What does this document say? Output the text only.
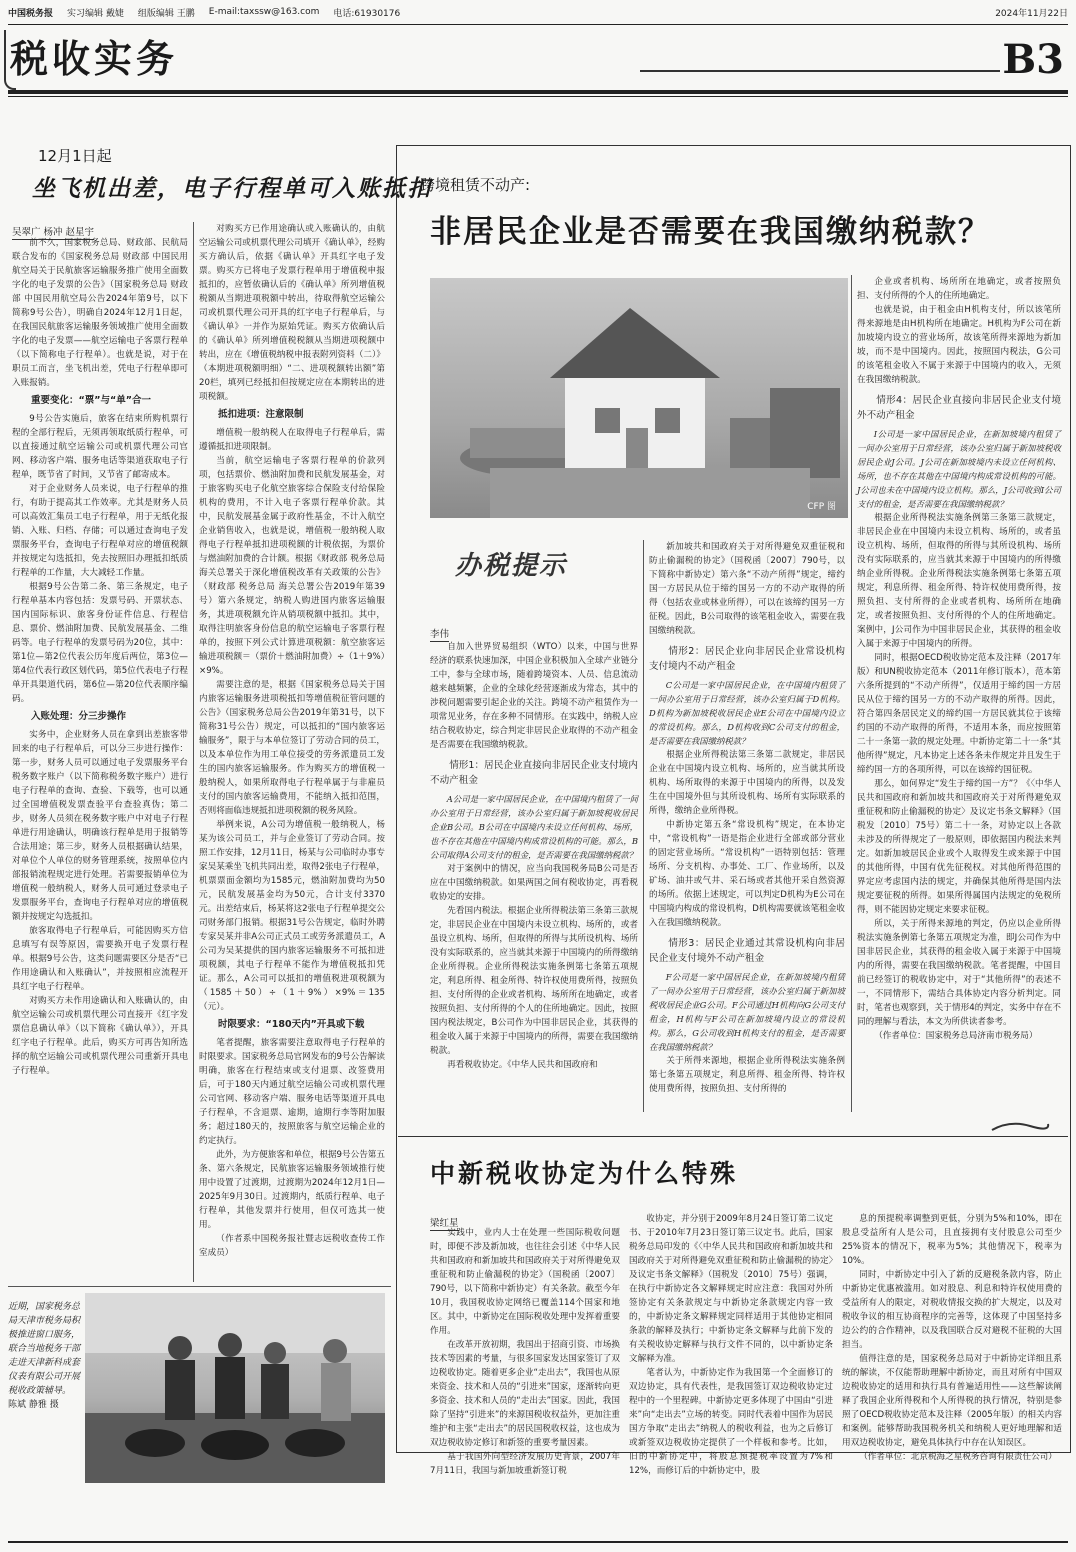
中国税务报 实习编辑 戴婕 组版编辑 王鹏 E-mail:taxssw@163.com 电话:61930176	2024年11月22日
税收实务	B3
12月1日起
坐飞机出差，电子行程单可入账抵扣
吴翠广 杨冲 赵星宇

前不久，国家税务总局、财政部、民航局联合发布的《国家税务总局 财政部 中国民用航空局关于民航旅客运输服务推广使用全面数字化的电子发票的公告》（国家税务总局 财政部 中国民用航空局公告2024年第9号，以下简称9号公告），明确自2024年12月1日起，在我国民航旅客运输服务领域推广使用全面数字化的电子发票——航空运输电子客票行程单（以下简称电子行程单）。也就是说，对于在职员工而言，坐飞机出差，凭电子行程单即可入账报销。

重要变化：“票”与“单”合一

9号公告实施后，旅客在结束所购机票行程的全部行程后，无须再领取纸质行程单，可以直接通过航空运输公司或机票代理公司官网、移动客户端、服务电话等渠道获取电子行程单，既节省了时间，又节省了邮寄成本。

对于企业财务人员来说，电子行程单的推行，有助于提高其工作效率。尤其是财务人员可以高效汇集员工电子行程单，用于无纸化报销、入账、归档、存储；可以通过查询电子发票服务平台，查询电子行程单对应的增值税额并按规定勾选抵扣，免去按照旧办理抵扣纸质行程单的工作量，大大减轻工作量。

根据9号公告第二条、第三条规定，电子行程单基本内容包括：发票号码、开票状态、国内国际标识、旅客身份证件信息、行程信息、票价、燃油附加费、民航发展基金、二维码等。电子行程单的发票号码为20位，其中：第1位—第2位代表公历年度后两位，第3位—第4位代表行政区划代码，第5位代表电子行程单开具渠道代码，第6位—第20位代表顺序编码。

入账处理：分三步操作

实务中，企业财务人员在拿到出差旅客带回来的电子行程单后，可以分三步进行操作：第一步，财务人员可以通过电子发票服务平台税务数字账户（以下简称税务数字账户）进行电子行程单的查询、查验、下载等，也可以通过全国增值税发票查验平台查验真伪；第二步，财务人员须在税务数字账户中对电子行程单进行用途确认，明确该行程单是用于报销等合法用途；第三步，财务人员根据确认结果，对单位个人单位的财务管理系统，按照单位内部报销流程规定进行处理。若需要报销单位为增值税一般纳税人，财务人员可通过登录电子发票服务平台，查询电子行程单对应的增值税额并按规定勾选抵扣。

旅客取得电子行程单后，可能因购买方信息填写有误等原因，需要换开电子发票行程单。根据9号公告，这类问题需要区分是否“已作用途确认和入账确认”，并按照相应流程开具红字电子行程单。

对购买方未作用途确认和入账确认的，由航空运输公司或机票代理公司直接开《红字发票信息确认单》（以下简称《确认单》），开具红字电子行程单。此后，购买方可再告知所选择的航空运输公司或机票代理公司重新开具电子行程单。

对购买方已作用途确认或入账确认的，由航空运输公司或机票代理公司填开《确认单》，经购买方确认后，依据《确认单》开具红字电子发票。购买方已将电子发票行程单用于增值税申报抵扣的，应暂依确认后的《确认单》所列增值税税额从当期进项税额中转出，待取得航空运输公司或机票代理公司开具的红字电子行程单后，与《确认单》一并作为原始凭证。购买方依确认后的《确认单》所列增值税税额从当期进项税额中转出，应在《增值税纳税申报表附列资料（二）》（本期进项税额明细）“二、进项税额转出额”第20栏，填列已经抵扣但按规定应在本期转出的进项税额。

抵扣进项：注意限制

增值税一般纳税人在取得电子行程单后，需遵循抵扣进项限制。

当前，航空运输电子客票行程单的价款列项，包括票价、燃油附加费和民航发展基金，对于旅客购买电子化航空旅客综合保险支付给保险机构的费用，不计入电子客票行程单价款。其中，民航发展基金属于政府性基金，不计入航空企业销售收入，也就是说，增值税一般纳税人取得电子行程单抵扣进项税额的计税依据，为票价与燃油附加费的合计额。根据《财政部 税务总局 海关总署关于深化增值税改革有关政策的公告》（财政部 税务总局 海关总署公告2019年第39号）第六条规定，纳税人购进国内旅客运输服务，其进项税额允许从销项税额中抵扣。其中，取得注明旅客身份信息的航空运输电子客票行程单的，按照下列公式计算进项税额：航空旅客运输进项税额＝（票价＋燃油附加费）÷（1＋9%）×9%。

需要注意的是，根据《国家税务总局关于国内旅客运输服务进项税抵扣等增值税征管问题的公告》（国家税务总局公告2019年第31号，以下简称31号公告）规定，可以抵扣的“国内旅客运输服务”，限于与本单位签订了劳动合同的员工，以及本单位作为用工单位接受的劳务派遣员工发生的国内旅客运输服务。作为购买方的增值税一般纳税人，如果所取得电子行程单属于与非雇员支付的国内旅客运输费用，不能纳入抵扣范围，否则将面临违规抵扣进项税额的税务风险。

举例来说，A公司为增值税一般纳税人，杨某为该公司员工，并与企业签订了劳动合同。按照工作安排，12月11日，杨某与公司临时办事专家吴某乘坐飞机共同出差，取得2张电子行程单，机票票面金额均为1585元，燃油附加费均为50元，民航发展基金均为50元，合计支付3370元。出差结束后，杨某将这2张电子行程单提交公司财务部门报销。根据31号公告规定，临时外聘专家吴某并非A公司正式员工或劳务派遣员工，A公司为吴某提供的国内旅客运输服务不可抵扣进项税额，其电子行程单不能作为增值税抵扣凭证。那么，A公司可以抵扣的增值税进项税额为（1585＋50）÷（1＋9%）×9%＝135（元）。

时限要求：“180天内”开具或下载

笔者提醒，旅客需要注意取得电子行程单的时限要求。国家税务总局官网发布的9号公告解读明确，旅客在行程结束或支付退票、改签费用后，可于180天内通过航空运输公司或机票代理公司官网、移动客户端、服务电话等渠道开具电子行程单，不含退票、逾期，逾期行李等附加服务；超过180天的，按照旅客与航空运输企业的约定执行。

此外，为方便旅客和单位，根据9号公告第五条、第六条规定，民航旅客运输服务领域推行使用中设置了过渡期，过渡期为2024年12月1日—2025年9月30日。过渡期内，纸质行程单、电子行程单，其他发票并行使用，但仅可选其一使用。

（作者系中国税务报社暨志远税收查传工作室成员）

近期，国家税务总局天津市税务局积极推进窗口服务，联合当地税务干部走进天津新科成套仪表有限公司开展税收政策辅导。
陈斌 静雅 摄
跨境租赁不动产:
非居民企业是否需要在我国缴纳税款？
CFP 图
办税提示
李伟

自加入世界贸易组织（WTO）以来，中国与世界经济的联系快速加深，中国企业积极加入全球产业链分工中，参与全球市场，随着跨境资本、人员、信息流动越来越频繁，企业的全球化经营逐渐成为常态，其中的涉税问题需要引起企业的关注。跨境不动产租赁作为一项常见业务，存在多种不同情形。在实践中，纳税人应结合税收协定，综合判定非居民企业取得的不动产租金是否需要在我国缴纳税款。

情形1：居民企业直接向非居民企业支付境内不动产租金

A公司是一家中国居民企业，在中国境内租赁了一间办公室用于日常经营，该办公室归属于新加坡税收居民企业B公司。B公司在中国境内未设立任何机构、场所，也不存在其他在中国境内构成常设机构的可能。那么，B公司取得A公司支付的租金，是否需要在我国缴纳税款？

对于案例中的情况，应当向我国税务局B公司是否应在中国缴纳税款。如果两国之间有税收协定，再看税收协定的安排。

先看国内税法。根据企业所得税法第三条第三款规定，非居民企业在中国境内未设立机构、场所的，或者虽设立机构、场所，但取得的所得与其所设机构、场所没有实际联系的，应当就其来源于中国境内的所得缴纳企业所得税。企业所得税法实施条例第七条第五项规定，利息所得、租金所得、特许权使用费所得，按照负担、支付所得的企业或者机构、场所所在地确定，或者按照负担、支付所得的个人的住所地确定。因此，按照国内税法规定，B公司作为中国非居民企业，其获得的租金收入属于来源于中国境内的所得，需要在我国缴纳税款。

再看税收协定。《中华人民共和国政府和

新加坡共和国政府关于对所得避免双重征税和防止偷漏税的协定》（国税函〔2007〕790号，以下简称中新协定）第六条“不动产所得”规定，缔约国一方居民从位于缔约国另一方的不动产取得的所得（包括农业或林业所得），可以在该缔约国另一方征税。因此，B公司取得的该笔租金收入，需要在我国缴纳税款。

情形2：居民企业向非居民企业常设机构支付境内不动产租金

C公司是一家中国居民企业，在中国境内租赁了一间办公室用于日常经营，该办公室归属于D机构。D机构为新加坡税收居民企业E公司在中国境内设立的常设机构。那么，D机构收到C公司支付的租金，是否需要在我国缴纳税款？

根据企业所得税法第三条第二款规定，非居民企业在中国境内设立机构、场所的，应当就其所设机构、场所取得的来源于中国境内的所得，以及发生在中国境外但与其所设机构、场所有实际联系的所得，缴纳企业所得税。

中新协定第五条“常设机构”规定，在本协定中，“常设机构”一语是指企业进行全部或部分营业的固定营业场所。“常设机构”一语特别包括：管理场所、分支机构、办事处、工厂、作业场所，以及矿场、油井或气井、采石场或者其他开采自然资源的场所。依据上述规定，可以判定D机构为E公司在中国境内构成的常设机构，D机构需要就该笔租金收入在我国缴纳税款。

情形3：居民企业通过其常设机构向非居民企业支付境外不动产租金

F公司是一家中国居民企业，在新加坡境内租赁了一间办公室用于日常经营，该办公室归属于新加坡税收居民企业G公司。F公司通过H机构向G公司支付租金，H机构与F公司在新加坡境内设立的常设机构。那么，G公司收到H机构支付的租金，是否需要在我国缴纳税款？

关于所得来源地，根据企业所得税法实施条例第七条第五项规定，利息所得、租金所得、特许权使用费所得，按照负担、支付所得的

企业或者机构、场所所在地确定，或者按照负担、支付所得的个人的住所地确定。

也就是说，由于租金由H机构支付，所以该笔所得来源地是由H机构所在地确定。H机构为F公司在新加坡境内设立的营业场所，故该笔所得来源地为新加坡，而不是中国境内。因此，按照国内税法，G公司的该笔租金收入不属于来源于中国境内的收入，无须在我国缴纳税款。

情形4：居民企业直接向非居民企业支付境外不动产租金

I公司是一家中国居民企业，在新加坡境内租赁了一间办公室用于日常经营，该办公室归属于新加坡税收居民企业J公司。J公司在新加坡境内未设立任何机构、场所，也不存在其他在中国境内构成常设机构的可能。J公司也未在中国境内设立机构。那么，J公司收到I公司支付的租金，是否需要在我国缴纳税款？

根据企业所得税法实施条例第三条第三款规定，非居民企业在中国境内未设立机构、场所的，或者虽设立机构、场所，但取得的所得与其所设机构、场所没有实际联系的，应当就其来源于中国境内的所得缴纳企业所得税。企业所得税法实施条例第七条第五项规定，利息所得、租金所得、特许权使用费所得，按照负担、支付所得的企业或者机构、场所所在地确定，或者按照负担、支付所得的个人的住所地确定。案例中，J公司作为中国非居民企业，其获得的租金收入属于来源于中国境内的所得。

同时，根据OECD税收协定范本及注释（2017年版）和UN税收协定范本（2011年修订版本），范本第六条所提到的“不动产所得”，仅适用于缔约国一方居民从位于缔约国另一方的不动产取得的所得。因此，符合第四条居民定义的缔约国一方居民就其位于该缔约国的不动产取得的所得，不适用本条，而应按照第二十一条第一款的规定处理。中新协定第二十一条“其他所得”规定，凡本协定上述各条未作规定并且发生于缔约国一方的各项所得，可以在该缔约国征税。

那么，如何界定“发生于缔约国一方”？《〈中华人民共和国政府和新加坡共和国政府关于对所得避免双重征税和防止偷漏税的协定〉及议定书条文解释》（国税发〔2010〕75号）第二十一条，对协定以上各款未涉及的所得规定了一般原则，即依据国内税法来判定。如新加坡居民企业或个人取得发生或来源于中国的其他所得，中国有优先征税权。对其他所得范围的界定应考虑国内法的规定，并确保其他所得是国内法规定要征税的所得。如果所得属国内法规定的免税所得，则不能因协定规定来要求征税。

所以，关于所得来源地的判定，仍应以企业所得税法实施条例第七条第五项规定为准，即J公司作为中国非居民企业，其获得的租金收入属于来源于中国境内的所得，需要在我国缴纳税款。笔者提醒，中国目前已经签订的税收协定中，对于“其他所得”的表述不一，不同情形下，需结合具体协定内容分析判定。同时，笔者也观察到，关于情形4的判定，实务中存在不同的理解与看法，本文为所供读者参考。

（作者单位：国家税务总局济南市税务局）

中新税收协定为什么特殊
梁红星

实践中，业内人士在处理一些国际税收问题时，即便不涉及新加坡，也往往会引述《中华人民共和国政府和新加坡共和国政府关于对所得避免双重征税和防止偷漏税的协定》（国税函〔2007〕790号，以下简称中新协定）有关条款。截至今年10月，我国税收协定网络已覆盖114个国家和地区。其中，中新协定在国际税收处理中发挥着重要作用。

在改革开放初期，我国出于招商引资、市场换技术等因素的考量，与很多国家发达国家签订了双边税收协定。随着更多企业“走出去”，我国也从原来资金、技术和人员的“引进来”国家，逐渐转向更多资金、技术和人员的“走出去”国家。因此，我国除了坚持“引进来”的来源国税收权益外，更加注重维护和主张“走出去”的居民国税收权益，这也成为双边税收协定修订和新签的重要考量因素。

基于我国外向型经济发展历史背景，2007年7月11日，我国与新加坡重新签订税

收协定，并分别于2009年8月24日签订第二议定书、于2010年7月23日签订第三议定书。此后，国家税务总局印发的《〈中华人民共和国政府和新加坡共和国政府关于对所得避免双重征税和防止偷漏税的协定〉及议定书条文解释》（国税发〔2010〕75号）强调，在执行中新协定各文解释规定时应注意：我国对外所签协定有关条款规定与中新协定条款规定内容一致的，中新协定条文解释规定同样适用于其他协定相同条款的解释及执行；中新协定条文解释与此前下发的有关税收协定解释与执行文件不同的，以中新协定条文解释为准。

笔者认为，中新协定作为我国第一个全面修订的双边协定，具有代表性，是我国签订双边税收协定过程中的一个里程碑。中新协定更多体现了中国由“引进来”向“走出去”立场的转变。同时代表着中国作为居民国方争取“走出去”纳税人的税收利益，也为之后修订或新签双边税收协定提供了一个样板和参考。比如，旧的中新协定中，将股息预提税率设置为7%和12%，而修订后的中新协定中，股

息的预提税率调整到更低，分别为5%和10%，即在股息受益所有人是公司，且直接拥有支付股息公司至少25%资本的情况下，税率为5%；其他情况下，税率为10%。

同时，中新协定中引入了新的反避税条款内容，防止中新协定优惠被滥用。如对股息、利息和特许权使用费的受益所有人的限定，对税收情报交换的扩大规定，以及对税收争议的相互协商程序的完善等，这体现了中国坚持多边公约的合作精神，以及我国联合反对避税不征税的大国担当。

值得注意的是，国家税务总局对于中新协定详细且系统的解读，不仅能帮助理解中新协定，而且对所有中国双边税收协定的适用和执行具有普遍适用性——这些解读阐释了我国企业所得税和个人所得税的执行情况，特别是参照了OECD税收协定范本及注释（2005年版）的相关内容和案例。能够帮助我国税务机关和纳税人更好地理解和适用双边税收协定，避免具体执行中存在认知误区。

（作者单位：北京税海之星税务咨询有限责任公司）
